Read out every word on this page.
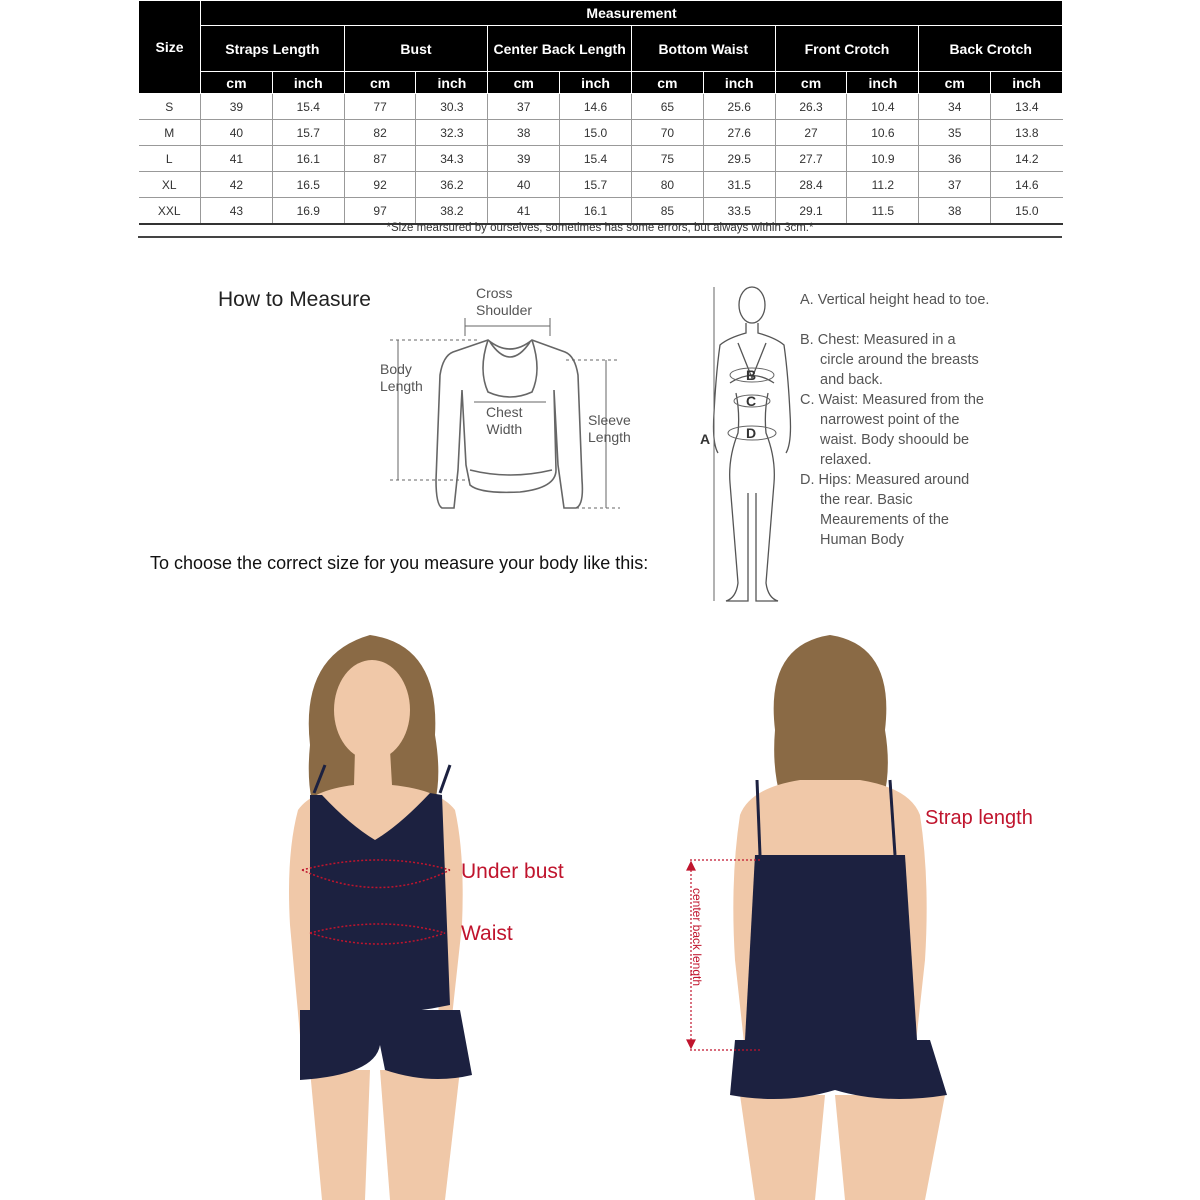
Size	Measurement											
	Straps Length		Bust		Center Back Length		Bottom Waist		Front Crotch		Back Crotch	
	cm	inch	cm	inch	cm	inch	cm	inch	cm	inch	cm	inch
S	39	15.4	77	30.3	37	14.6	65	25.6	26.3	10.4	34	13.4
M	40	15.7	82	32.3	38	15.0	70	27.6	27	10.6	35	13.8
L	41	16.1	87	34.3	39	15.4	75	29.5	27.7	10.9	36	14.2
XL	42	16.5	92	36.2	40	15.7	80	31.5	28.4	11.2	37	14.6
XXL	43	16.9	97	38.2	41	16.1	85	33.5	29.1	11.5	38	15.0
*Size mearsured by ourselves, sometimes has some errors, but always within 3cm.*
How to Measure	Cross
Shoulder
Body
Length
Chest
Width
Sleeve
Length
To choose the correct size for you measure your body like this:
A
B
C
D

A. Vertical height head to toe.

B. Chest: Measured in a circle around the breasts and back.

C. Waist: Measured from the narrowest point of the waist. Body shoould be relaxed.

D. Hips: Measured around the rear. Basic Meaurements of the Human Body

Under bust
Waist
Strap length
center back length
